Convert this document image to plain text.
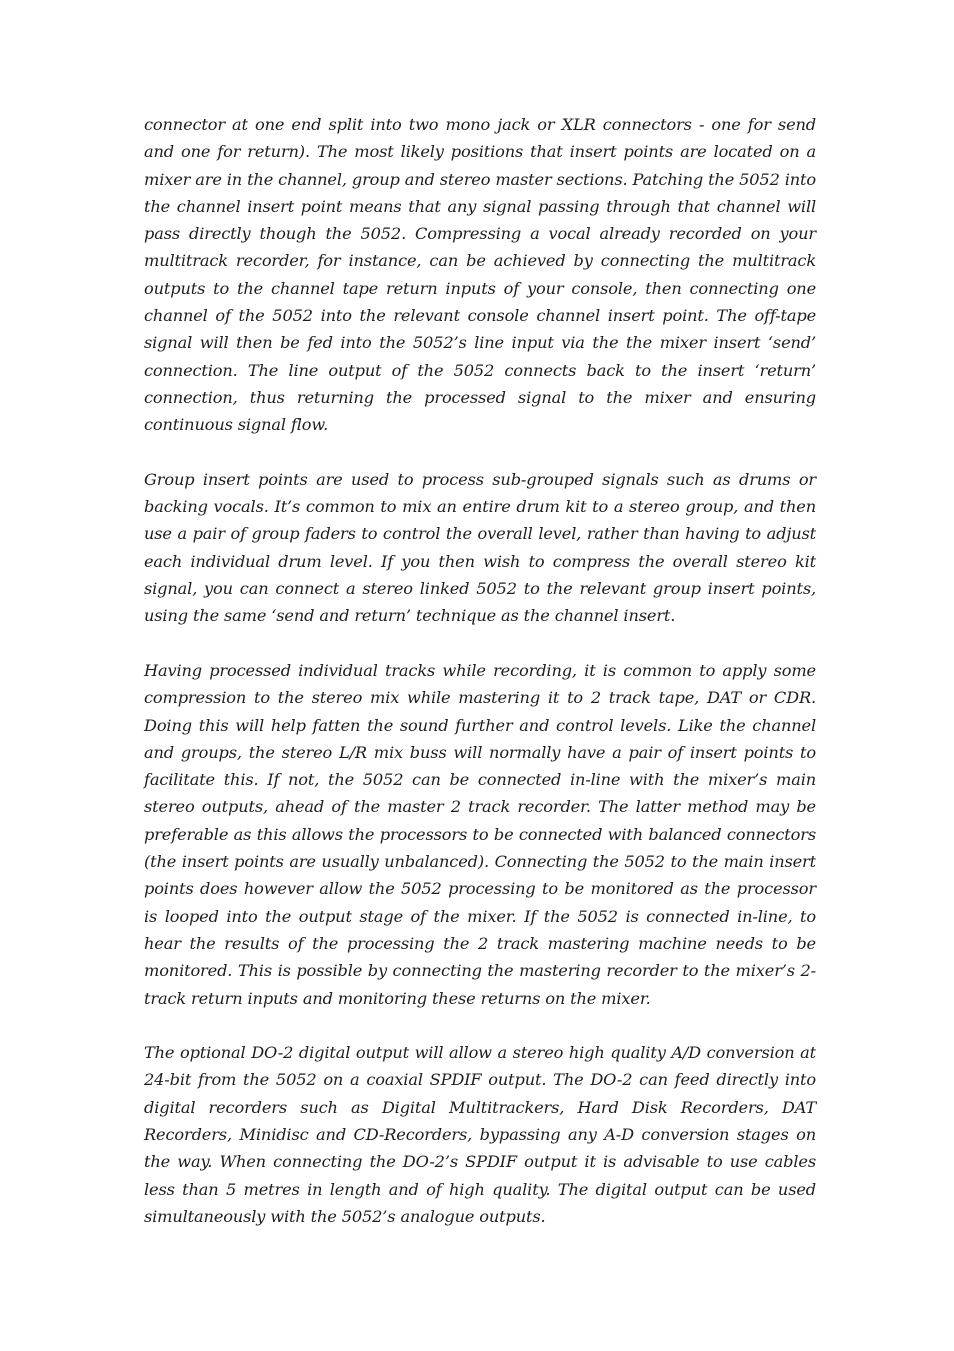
connector at one end split into two mono jack or XLR connectors - one for send and one for return). The most likely positions that insert points are located on a mixer are in the channel, group and stereo master sections. Patching the 5052 into the channel insert point means that any signal passing through that channel will pass directly though the 5052. Compressing a vocal already recorded on your multitrack recorder, for instance, can be achieved by connecting the multitrack outputs to the channel tape return inputs of your console, then connecting one channel of the 5052 into the relevant console channel insert point. The off-tape signal will then be fed into the 5052’s line input via the the mixer insert ‘send’ connection. The line output of the 5052 connects back to the insert ‘return’ connection, thus returning the processed signal to the mixer and ensuring continuous signal flow.

Group insert points are used to process sub-grouped signals such as drums or backing vocals. It’s common to mix an entire drum kit to a stereo group, and then use a pair of group faders to control the overall level, rather than having to adjust each individual drum level. If you then wish to compress the overall stereo kit signal, you can connect a stereo linked 5052 to the relevant group insert points, using the same ‘send and return’ technique as the channel insert.

Having processed individual tracks while recording, it is common to apply some compression to the stereo mix while mastering it to 2 track tape, DAT or CDR. Doing this will help fatten the sound further and control levels. Like the channel and groups, the stereo L/R mix buss will normally have a pair of insert points to facilitate this. If not, the 5052 can be connected in-line with the mixer’s main stereo outputs, ahead of the master 2 track recorder. The latter method may be preferable as this allows the processors to be connected with balanced connectors (the insert points are usually unbalanced). Connecting the 5052 to the main insert points does however allow the 5052 processing to be monitored as the processor is looped into the output stage of the mixer. If the 5052 is connected in-line, to hear the results of the processing the 2 track mastering machine needs to be monitored. This is possible by connecting the mastering recorder to the mixer’s 2-track return inputs and monitoring these returns on the mixer.

The optional DO-2 digital output will allow a stereo high quality A/D conversion at 24-bit from the 5052 on a coaxial SPDIF output. The DO-2 can feed directly into digital recorders such as Digital Multitrackers, Hard Disk Recorders, DAT Recorders, Minidisc and CD-Recorders, bypassing any A-D conversion stages on the way. When connecting the DO-2’s SPDIF output it is advisable to use cables less than 5 metres in length and of high quality. The digital output can be used simultaneously with the 5052’s analogue outputs.
